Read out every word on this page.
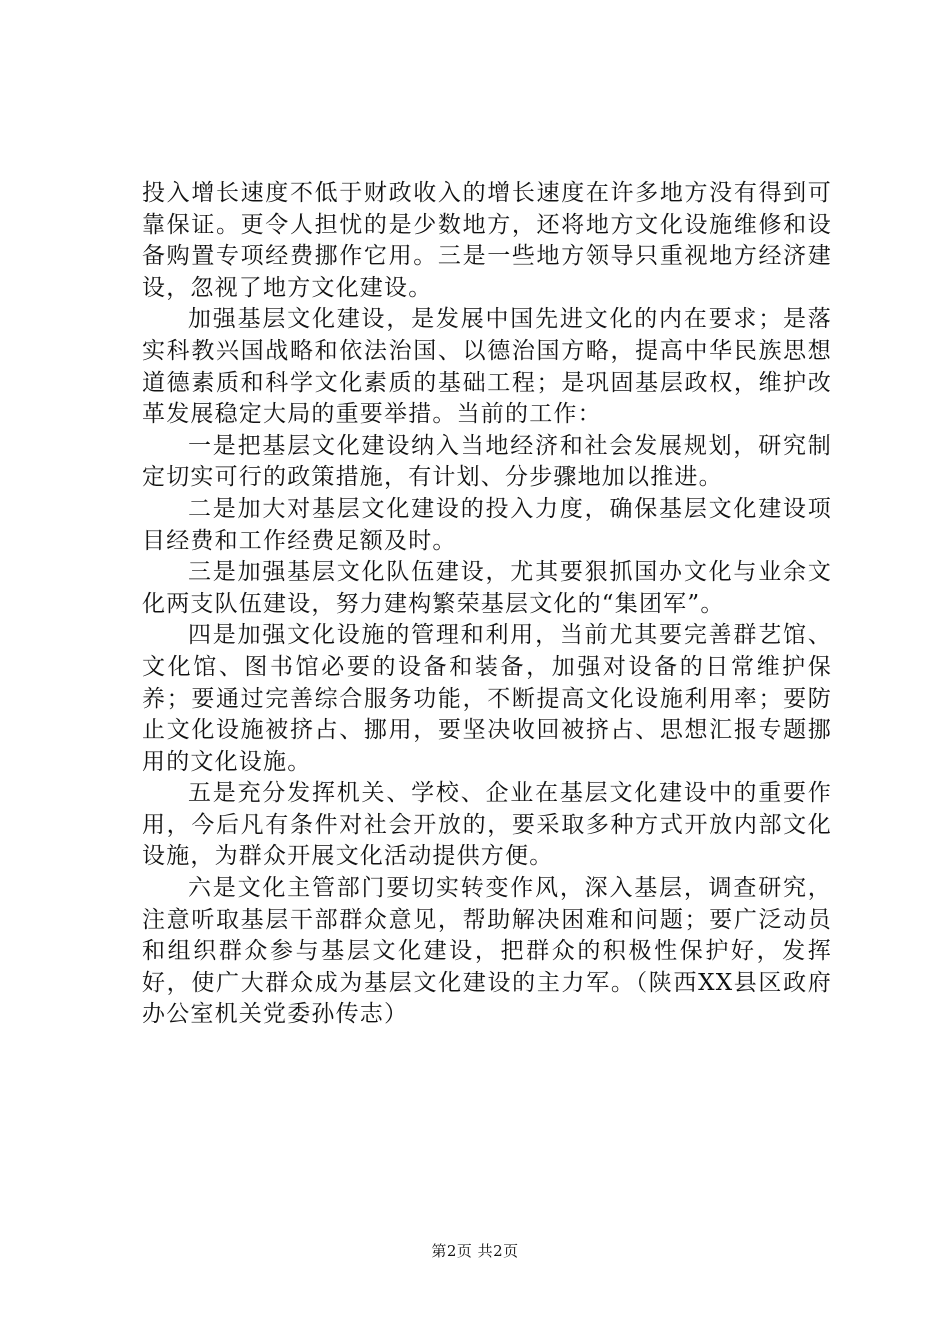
投入增长速度不低于财政收入的增长速度在许多地方没有得到可靠保证。更令人担忧的是少数地方，还将地方文化设施维修和设备购置专项经费挪作它用。三是一些地方领导只重视地方经济建设，忽视了地方文化建设。

加强基层文化建设，是发展中国先进文化的内在要求；是落实科教兴国战略和依法治国、以德治国方略，提高中华民族思想道德素质和科学文化素质的基础工程；是巩固基层政权，维护改革发展稳定大局的重要举措。当前的工作：

一是把基层文化建设纳入当地经济和社会发展规划，研究制定切实可行的政策措施，有计划、分步骤地加以推进。

二是加大对基层文化建设的投入力度，确保基层文化建设项目经费和工作经费足额及时。

三是加强基层文化队伍建设，尤其要狠抓国办文化与业余文化两支队伍建设，努力建构繁荣基层文化的“集团军”。

四是加强文化设施的管理和利用，当前尤其要完善群艺馆、文化馆、图书馆必要的设备和装备，加强对设备的日常维护保养；要通过完善综合服务功能，不断提高文化设施利用率；要防止文化设施被挤占、挪用，要坚决收回被挤占、思想汇报专题挪用的文化设施。

五是充分发挥机关、学校、企业在基层文化建设中的重要作用，今后凡有条件对社会开放的，要采取多种方式开放内部文化设施，为群众开展文化活动提供方便。

六是文化主管部门要切实转变作风，深入基层，调查研究，注意听取基层干部群众意见，帮助解决困难和问题；要广泛动员和组织群众参与基层文化建设，把群众的积极性保护好，发挥好，使广大群众成为基层文化建设的主力军。（陕西XX县区政府办公室机关党委孙传志）

第2页 共2页
